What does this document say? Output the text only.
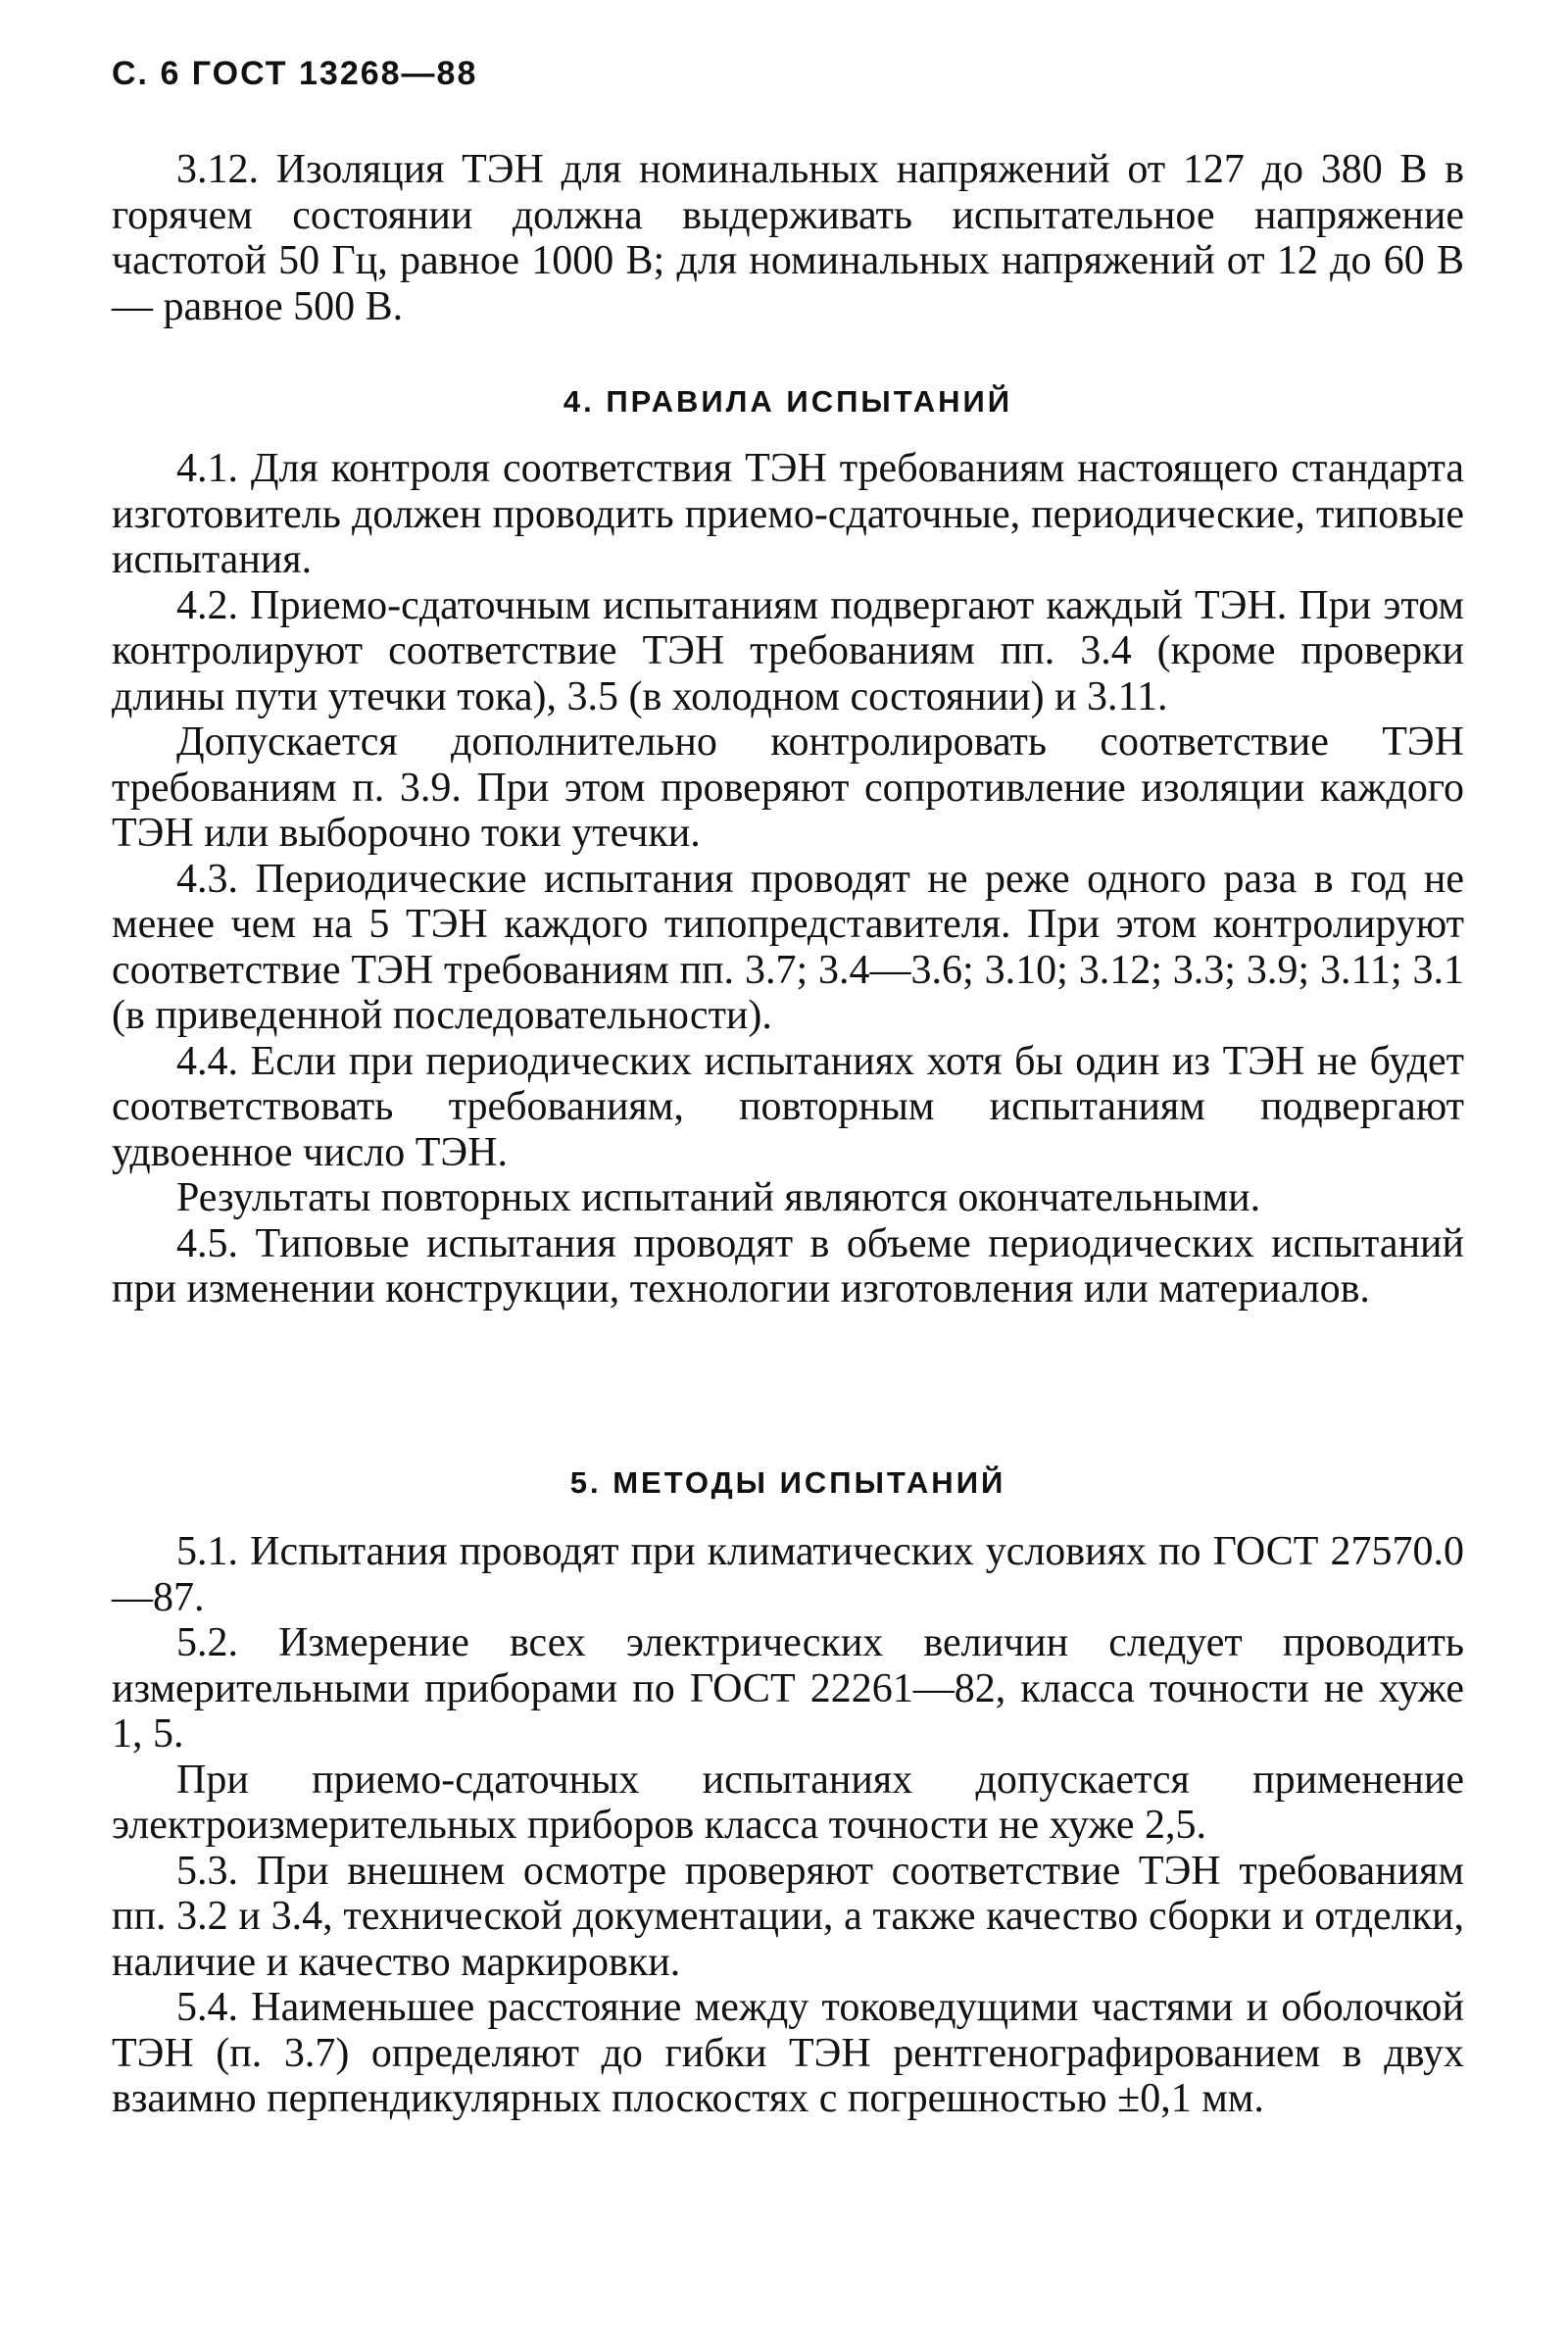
С. 6 ГОСТ 13268—88

3.12. Изоляция ТЭН для номинальных напряжений от 127 до 380 В в горячем состоянии должна выдерживать испытательное напряжение частотой 50 Гц, равное 1000 В; для номинальных напряжений от 12 до 60 В — равное 500 В.

4. ПРАВИЛА ИСПЫТАНИЙ

4.1. Для контроля соответствия ТЭН требованиям настоящего стандарта изготовитель должен проводить приемо-сдаточные, периодические, типовые испытания.

4.2. Приемо-сдаточным испытаниям подвергают каждый ТЭН. При этом контролируют соответствие ТЭН требованиям пп. 3.4 (кроме проверки длины пути утечки тока), 3.5 (в холодном состоянии) и 3.11.

Допускается дополнительно контролировать соответствие ТЭН требованиям п. 3.9. При этом проверяют сопротивление изоляции каждого ТЭН или выборочно токи утечки.

4.3. Периодические испытания проводят не реже одного раза в год не менее чем на 5 ТЭН каждого типопредставителя. При этом контролируют соответствие ТЭН требованиям пп. 3.7; 3.4—3.6; 3.10; 3.12; 3.3; 3.9; 3.11; 3.1 (в приведенной последовательности).

4.4. Если при периодических испытаниях хотя бы один из ТЭН не будет соответствовать требованиям, повторным испытаниям подвергают удвоенное число ТЭН.

Результаты повторных испытаний являются окончательными.

4.5. Типовые испытания проводят в объеме периодических испытаний при изменении конструкции, технологии изготовления или материалов.

5. МЕТОДЫ ИСПЫТАНИЙ

5.1. Испытания проводят при климатических условиях по ГОСТ 27570.0—87.

5.2. Измерение всех электрических величин следует проводить измерительными приборами по ГОСТ 22261—82, класса точности не хуже 1, 5.

При приемо-сдаточных испытаниях допускается применение электроизмерительных приборов класса точности не хуже 2,5.

5.3. При внешнем осмотре проверяют соответствие ТЭН требованиям пп. 3.2 и 3.4, технической документации, а также качество сборки и отделки, наличие и качество маркировки.

5.4. Наименьшее расстояние между токоведущими частями и оболочкой ТЭН (п. 3.7) определяют до гибки ТЭН рентгенографированием в двух взаимно перпендикулярных плоскостях с погрешностью ±0,1 мм.
